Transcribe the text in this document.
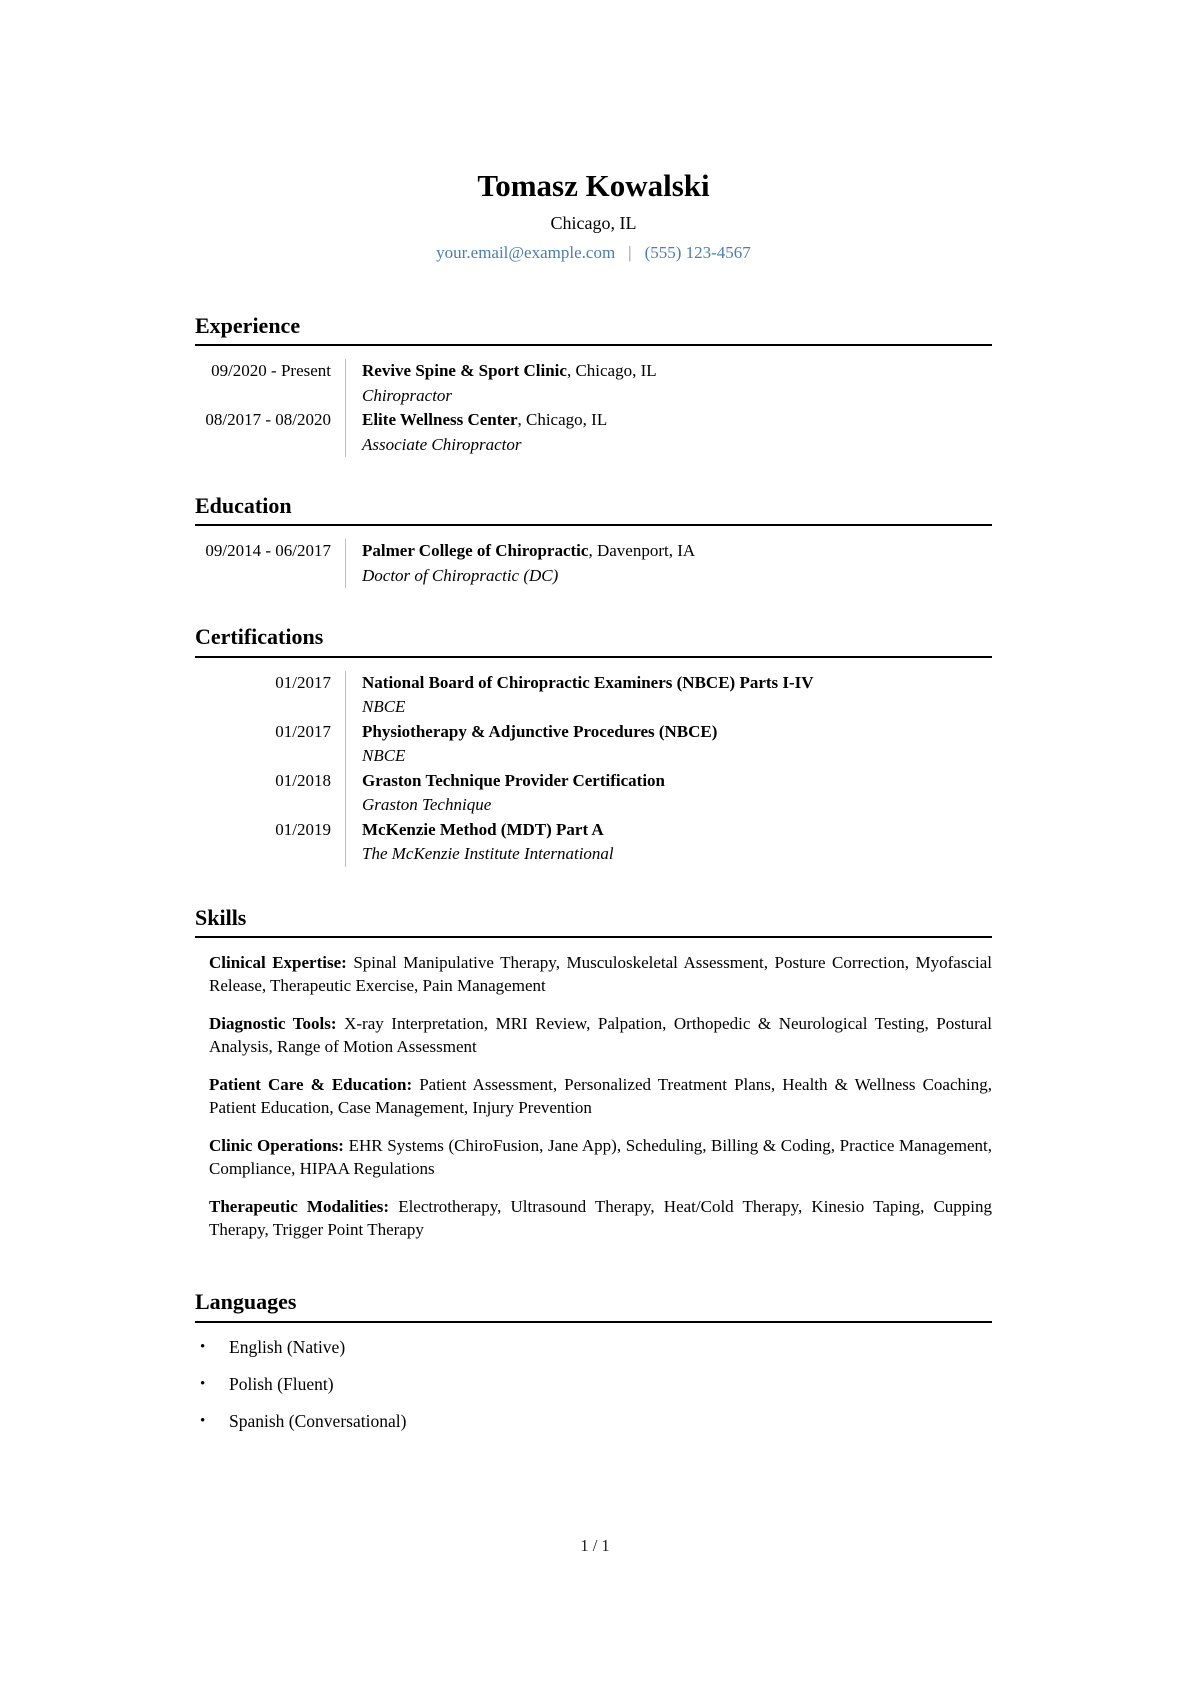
Tomasz Kowalski
Chicago, IL
your.email@example.com | (555) 123-4567
Experience
09/2020 - Present	Revive Spine & Sport Clinic, Chicago, IL
Chiropractor
08/2017 - 08/2020	Elite Wellness Center, Chicago, IL
Associate Chiropractor
Education
09/2014 - 06/2017	Palmer College of Chiropractic, Davenport, IA
Doctor of Chiropractic (DC)
Certifications
01/2017	National Board of Chiropractic Examiners (NBCE) Parts I-IV
NBCE
01/2017	Physiotherapy & Adjunctive Procedures (NBCE)
NBCE
01/2018	Graston Technique Provider Certification
Graston Technique
01/2019	McKenzie Method (MDT) Part A
The McKenzie Institute International
Skills

Clinical Expertise: Spinal Manipulative Therapy, Musculoskeletal Assessment, Posture Correction, Myofascial Release, Therapeutic Exercise, Pain Management

Diagnostic Tools: X-ray Interpretation, MRI Review, Palpation, Orthopedic & Neurological Testing, Postural Analysis, Range of Motion Assessment

Patient Care & Education: Patient Assessment, Personalized Treatment Plans, Health & Wellness Coaching, Patient Education, Case Management, Injury Prevention

Clinic Operations: EHR Systems (ChiroFusion, Jane App), Scheduling, Billing & Coding, Practice Management, Compliance, HIPAA Regulations

Therapeutic Modalities: Electrotherapy, Ultrasound Therapy, Heat/Cold Therapy, Kinesio Taping, Cupping Therapy, Trigger Point Therapy

Languages
• English (Native)
• Polish (Fluent)
• Spanish (Conversational)
1 / 1
